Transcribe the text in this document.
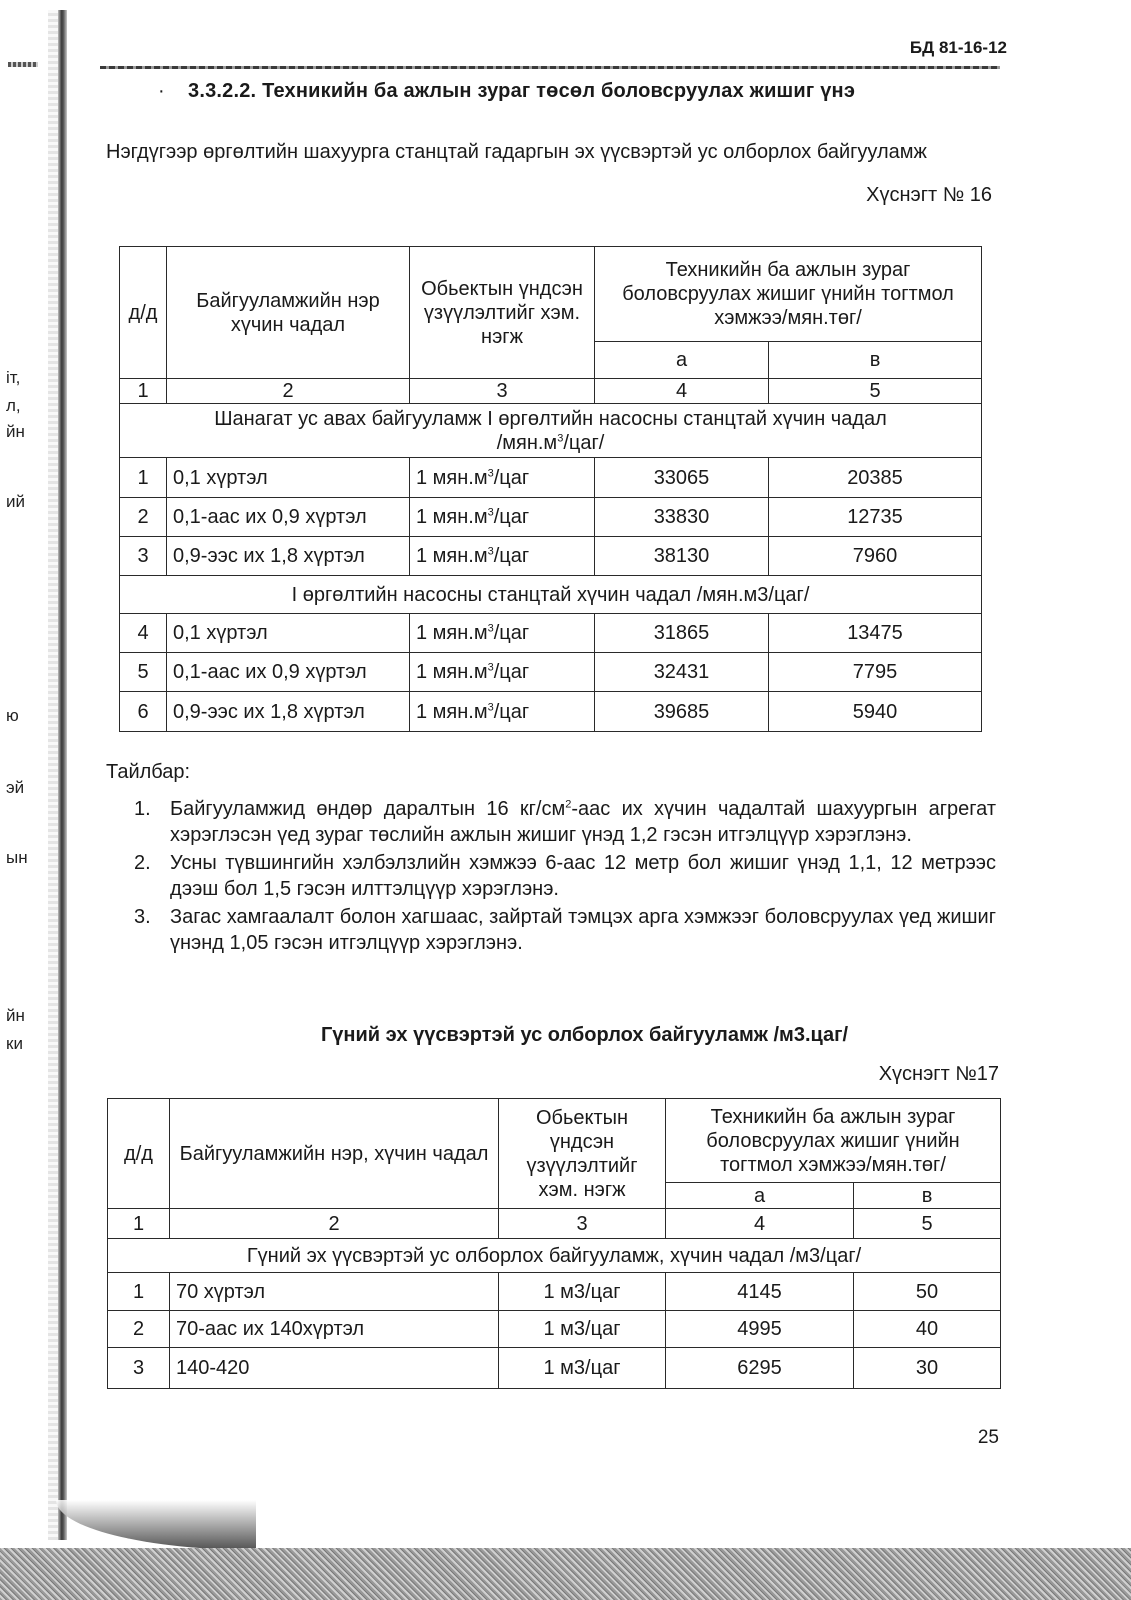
іт,
л,
йн
ий
ю
эй
ын
йн
ки
БД 81-16-12
· 3.3.2.2. Техникийн ба ажлын зураг төсөл боловсруулах жишиг үнэ
Нэгдүгээр өргөлтийн шахуурга станцтай гадаргын эх үүсвэртэй ус олборлох байгууламж
Хүснэгт № 16
д/д	Байгууламжийн нэр хүчин чадал	Обьектын үндсэн үзүүлэлтийг хэм. нэгж	Техникийн ба ажлын зураг боловсруулах жишиг үнийн тогтмол хэмжээ/мян.төг/	
			а	в
1	2	3	4	5
Шанагат ус авах байгууламж I өргөлтийн насосны станцтай хүчин чадал
$/мян.м^3/цаг/$				
1	0,1 хүртэл	1 $мян.м^3$/цаг	33065	20385
2	0,1-аас их 0,9 хүртэл	1 $мян.м^3$/цаг	33830	12735
3	0,9-ээс их 1,8 хүртэл	1 $мян.м^3$/цаг	38130	7960
I өргөлтийн насосны станцтай хүчин чадал /мян.м3/цаг/				
4	0,1 хүртэл	1 $мян.м^3$/цаг	31865	13475
5	0,1-аас их 0,9 хүртэл	1 $мян.м^3$/цаг	32431	7795
6	0,9-ээс их 1,8 хүртэл	1 $мян.м^3$/цаг	39685	5940
Тайлбар:
1. Байгууламжид өндөр даралтын 16 $кг/см^2$-аас их хүчин чадалтай шахуургын агрегат хэрэглэсэн үед зураг төслийн ажлын жишиг үнэд 1,2 гэсэн итгэлцүүр хэрэглэнэ.
2. Усны түвшингийн хэлбэлзлийн хэмжээ 6-аас 12 метр бол жишиг үнэд 1,1, 12 метрээс дээш бол 1,5 гэсэн илттэлцүүр хэрэглэнэ.
3. Загас хамгаалалт болон хагшаас, зайртай тэмцэх арга хэмжээг боловсруулах үед жишиг үнэнд 1,05 гэсэн итгэлцүүр хэрэглэнэ.
Гүний эх үүсвэртэй ус олборлох байгууламж /м3.цаг/
Хүснэгт №17
д/д	Байгууламжийн нэр, хүчин чадал	Обьектын үндсэн үзүүлэлтийг хэм. нэгж	Техникийн ба ажлын зураг боловсруулах жишиг үнийн тогтмол хэмжээ/мян.төг/	
			а	в
1	2	3	4	5
Гүний эх үүсвэртэй ус олборлох байгууламж, хүчин чадал /м3/цаг/				
1	70 хүртэл	1 м3/цаг	4145	50
2	70-аас их 140хүртэл	1 м3/цаг	4995	40
3	140-420	1 м3/цаг	6295	30
25
